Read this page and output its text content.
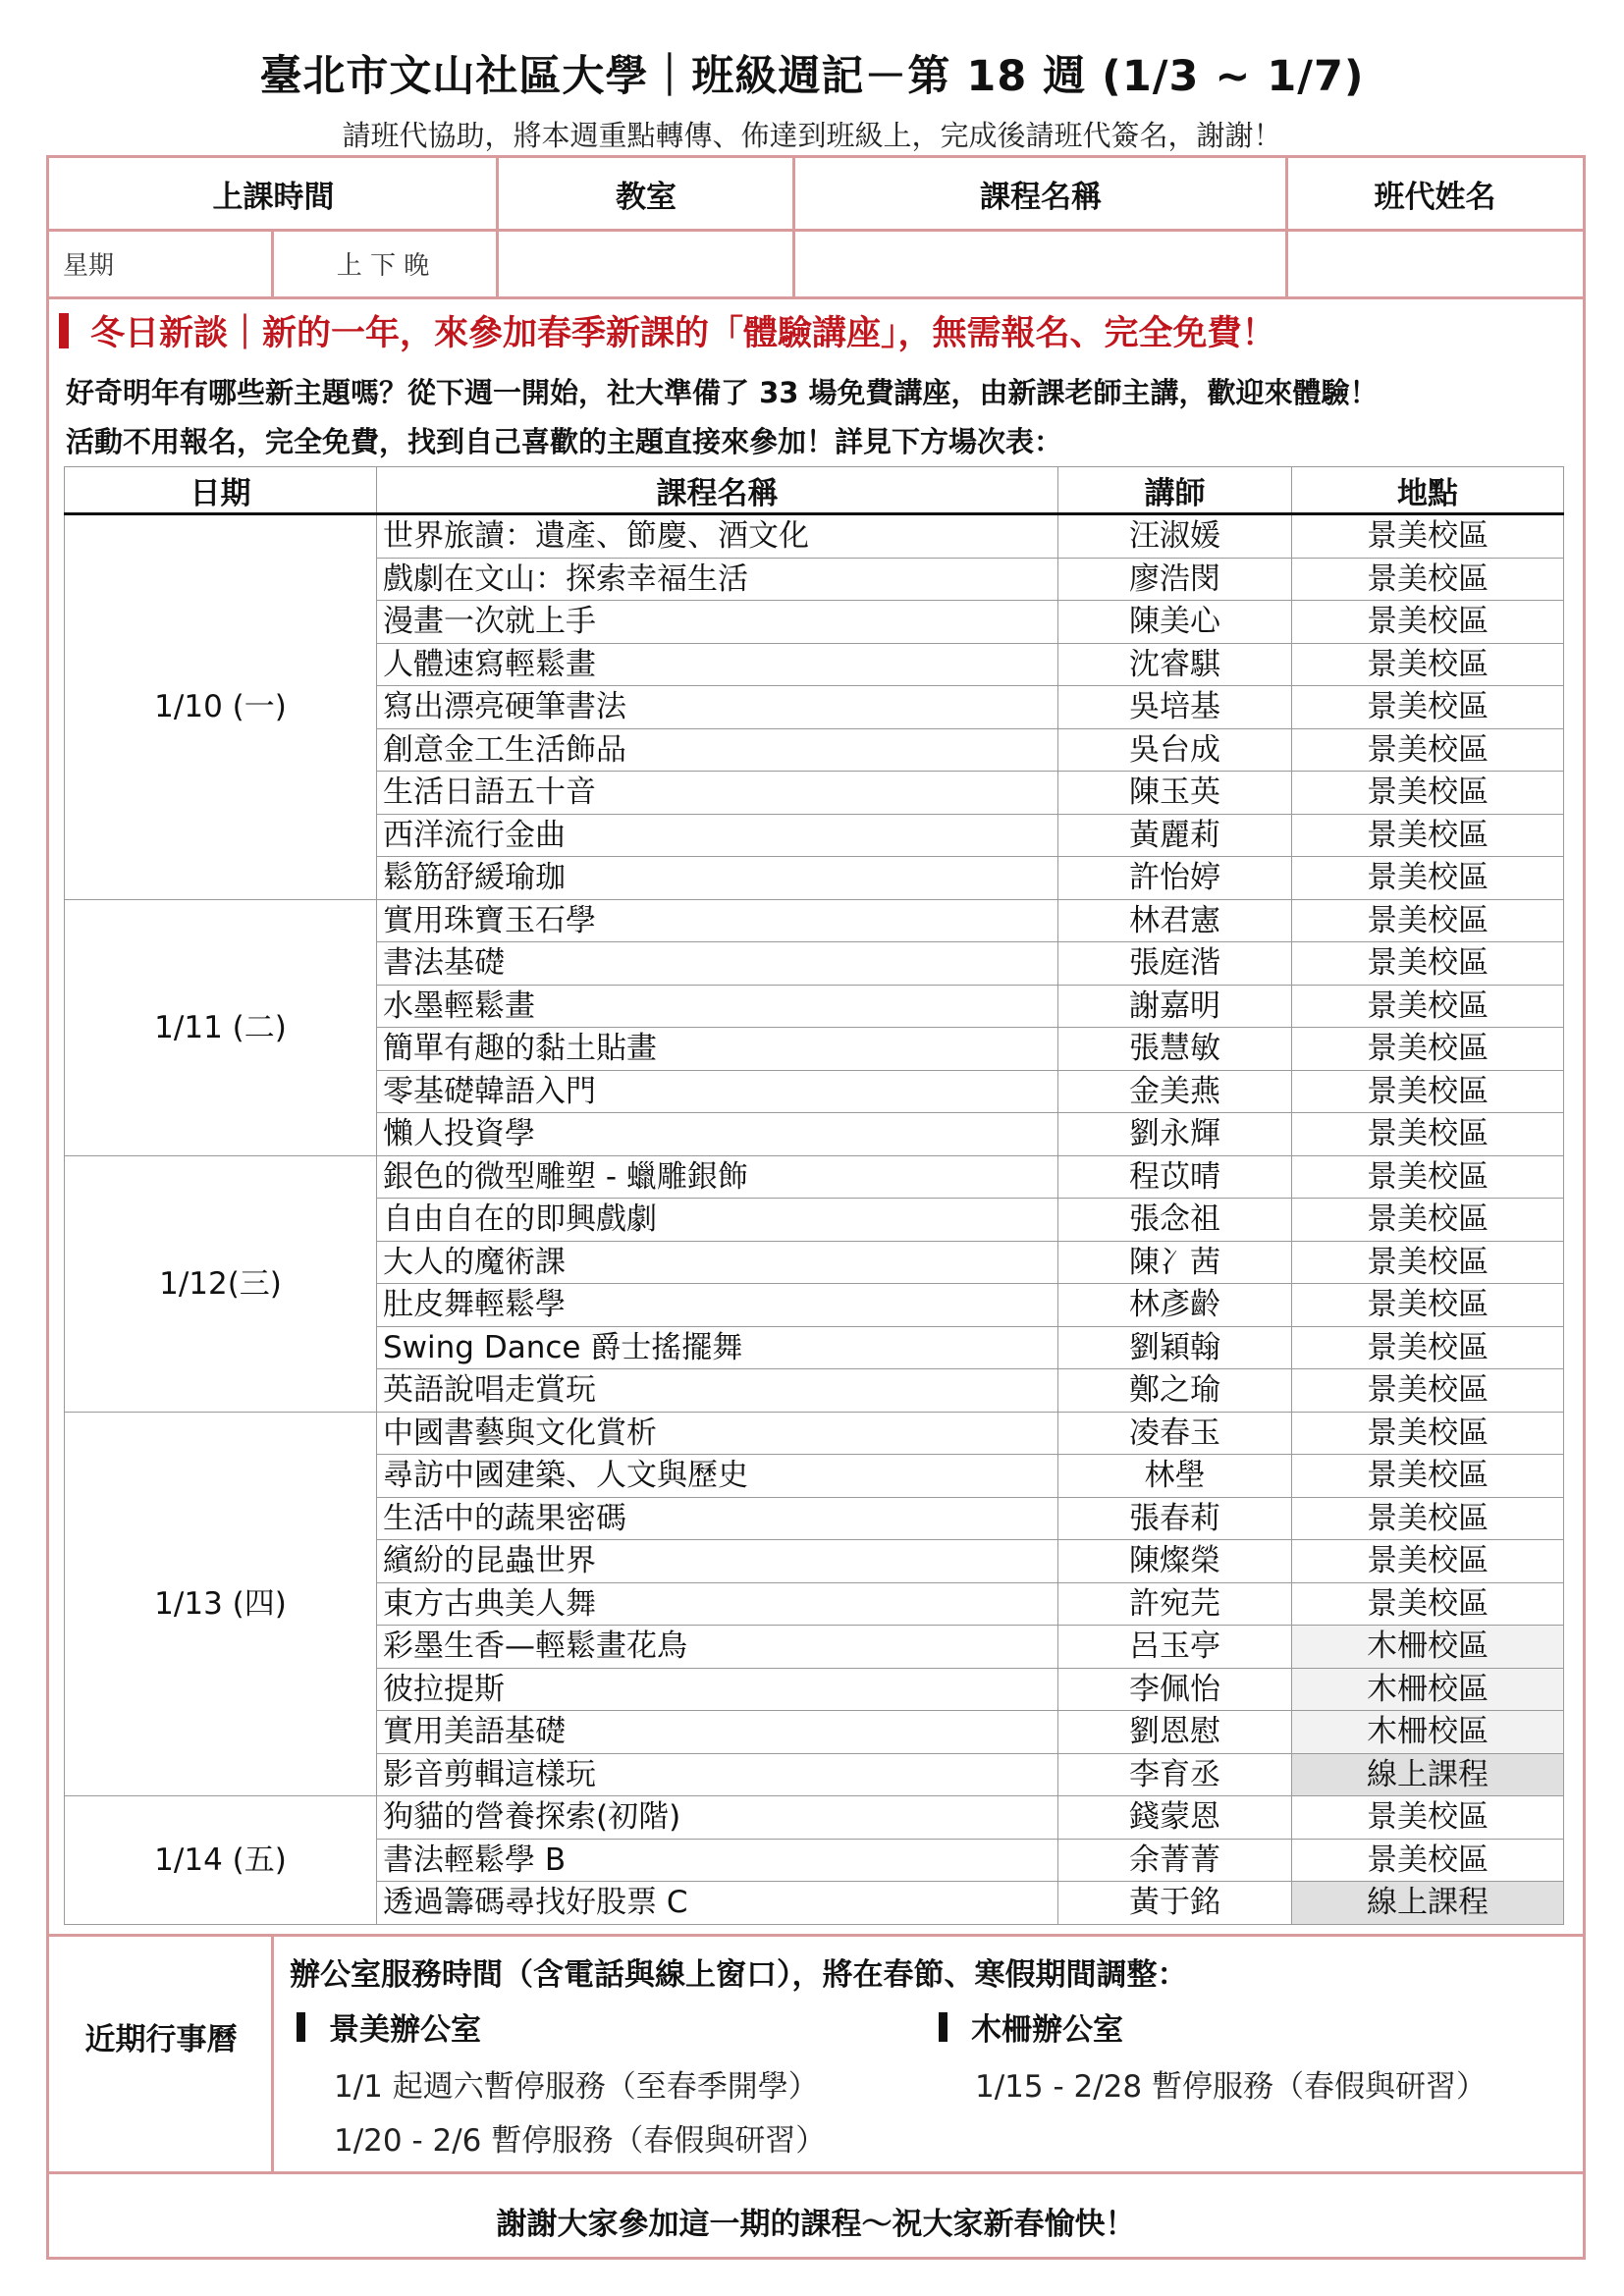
臺北市文山社區大學｜班級週記－第 18 週 (1/3 ~ 1/7)
請班代協助，將本週重點轉傳、佈達到班級上，完成後請班代簽名，謝謝！
上課時間	教室	課程名稱	班代姓名
星期	上 下 晚
冬日新談｜新的一年，來參加春季新課的「體驗講座」，無需報名、完全免費！
好奇明年有哪些新主題嗎？從下週一開始，社大準備了 33 場免費講座，由新課老師主講，歡迎來體驗！
活動不用報名，完全免費，找到自己喜歡的主題直接來參加！詳見下方場次表：
日期	課程名稱	講師	地點
1/10 (一)	世界旅讀：遺產、節慶、酒文化	汪淑媛	景美校區
	戲劇在文山：探索幸福生活	廖浩閔	景美校區
	漫畫一次就上手	陳美心	景美校區
	人體速寫輕鬆畫	沈睿騏	景美校區
	寫出漂亮硬筆書法	吳培基	景美校區
	創意金工生活飾品	吳台成	景美校區
	生活日語五十音	陳玉英	景美校區
	西洋流行金曲	黃麗莉	景美校區
	鬆筋舒緩瑜珈	許怡婷	景美校區
1/11 (二)	實用珠寶玉石學	林君憲	景美校區
	書法基礎	張庭湝	景美校區
	水墨輕鬆畫	謝嘉明	景美校區
	簡單有趣的黏土貼畫	張慧敏	景美校區
	零基礎韓語入門	金美燕	景美校區
	懶人投資學	劉永輝	景美校區
1/12(三)	銀色的微型雕塑 - 蠟雕銀飾	程苡晴	景美校區
	自由自在的即興戲劇	張念祖	景美校區
	大人的魔術課	陳冫茜	景美校區
	肚皮舞輕鬆學	林彥齡	景美校區
	Swing Dance 爵士搖擺舞	劉穎翰	景美校區
	英語說唱走賞玩	鄭之瑜	景美校區
1/13 (四)	中國書藝與文化賞析	凌春玉	景美校區
	尋訪中國建築、人文與歷史	林壆	景美校區
	生活中的蔬果密碼	張春莉	景美校區
	繽紛的昆蟲世界	陳燦榮	景美校區
	東方古典美人舞	許宛芫	景美校區
	彩墨生香—輕鬆畫花鳥	呂玉亭	木柵校區
	彼拉提斯	李佩怡	木柵校區
	實用美語基礎	劉恩慰	木柵校區
	影音剪輯這樣玩	李育丞	線上課程
1/14 (五)	狗貓的營養探索(初階)	錢蒙恩	景美校區
	書法輕鬆學 B	余菁菁	景美校區
	透過籌碼尋找好股票 C	黃于銘	線上課程
近期行事曆
辦公室服務時間（含電話與線上窗口），將在春節、寒假期間調整：
景美辦公室	木柵辦公室
1/1 起週六暫停服務（至春季開學）
1/20 - 2/6 暫停服務（春假與研習）
1/15 - 2/28 暫停服務（春假與研習）
謝謝大家參加這一期的課程～祝大家新春愉快！
